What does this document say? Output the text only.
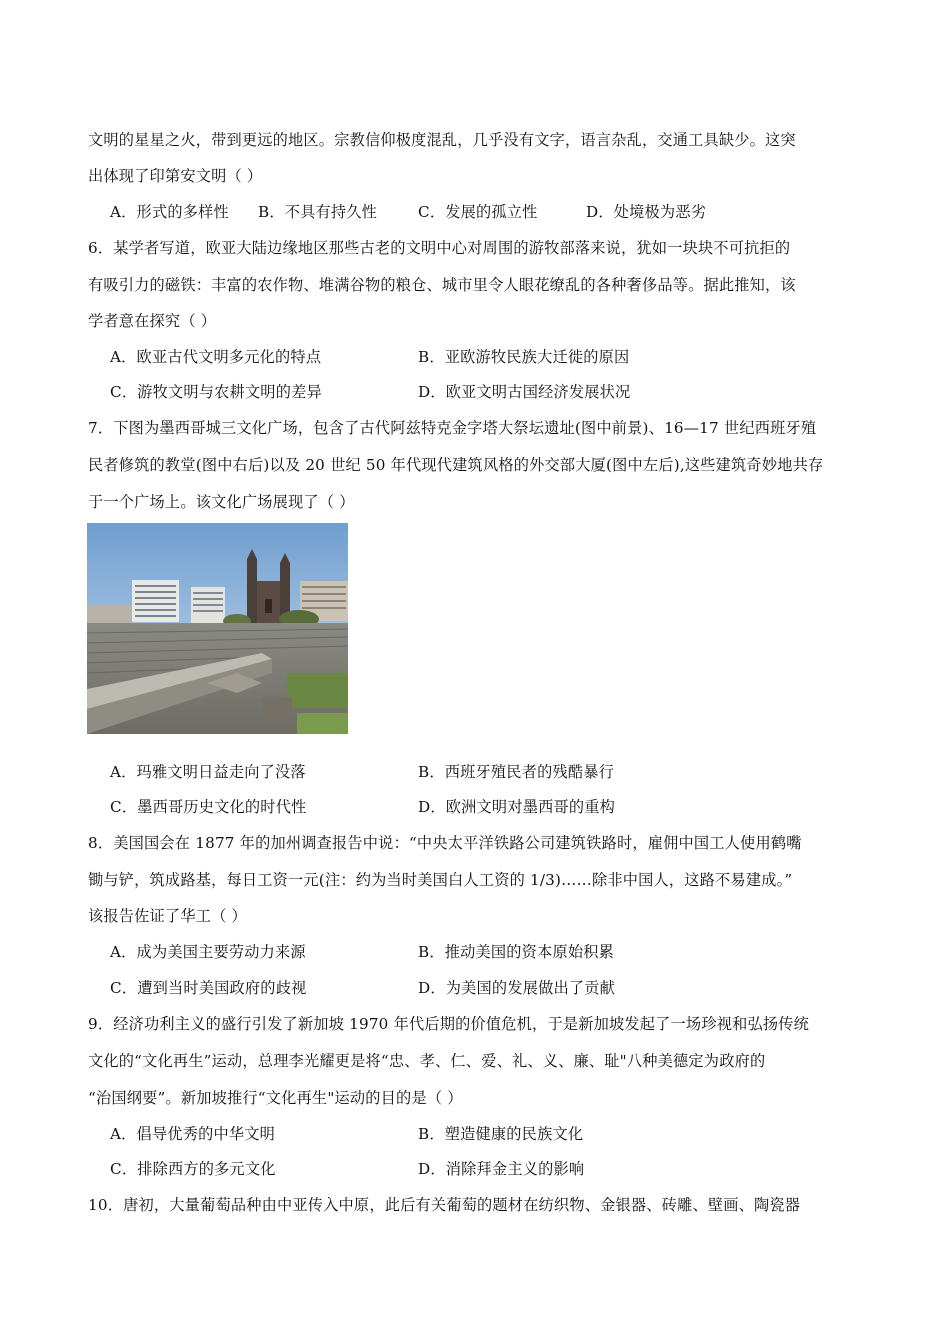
文明的星星之火，带到更远的地区。宗教信仰极度混乱，几乎没有文字，语言杂乱，交通工具缺少。这突
出体现了印第安文明（ ）
A．形式的多样性 B．不具有持久性	C．发展的孤立性	D．处境极为恶劣
6．某学者写道，欧亚大陆边缘地区那些古老的文明中心对周围的游牧部落来说，犹如一块块不可抗拒的
有吸引力的磁铁：丰富的农作物、堆满谷物的粮仓、城市里令人眼花缭乱的各种奢侈品等。据此推知，该
学者意在探究（ ）
A．欧亚古代文明多元化的特点	B．亚欧游牧民族大迁徙的原因
C．游牧文明与农耕文明的差异	D．欧亚文明古国经济发展状况
7．下图为墨西哥城三文化广场，包含了古代阿兹特克金字塔大祭坛遗址(图中前景)、16—17 世纪西班牙殖
民者修筑的教堂(图中右后)以及 20 世纪 50 年代现代建筑风格的外交部大厦(图中左后),这些建筑奇妙地共存
于一个广场上。该文化广场展现了（ ）
A．玛雅文明日益走向了没落	B．西班牙殖民者的残酷暴行
C．墨西哥历史文化的时代性	D．欧洲文明对墨西哥的重构
8．美国国会在 1877 年的加州调查报告中说：“中央太平洋铁路公司建筑铁路时，雇佣中国工人使用鹤嘴
锄与铲，筑成路基，每日工资一元(注：约为当时美国白人工资的 1/3)……除非中国人，这路不易建成。”
该报告佐证了华工（ ）
A．成为美国主要劳动力来源	B．推动美国的资本原始积累
C．遭到当时美国政府的歧视	D．为美国的发展做出了贡献
9．经济功利主义的盛行引发了新加坡 1970 年代后期的价值危机，于是新加坡发起了一场珍视和弘扬传统
文化的“文化再生”运动，总理李光耀更是将“忠、孝、仁、爱、礼、义、廉、耻"八种美德定为政府的
“治国纲要”。新加坡推行“文化再生"运动的目的是（ ）
A．倡导优秀的中华文明	B．塑造健康的民族文化
C．排除西方的多元文化	D．消除拜金主义的影响
10．唐初，大量葡萄品种由中亚传入中原，此后有关葡萄的题材在纺织物、金银器、砖雕、壁画、陶瓷器
